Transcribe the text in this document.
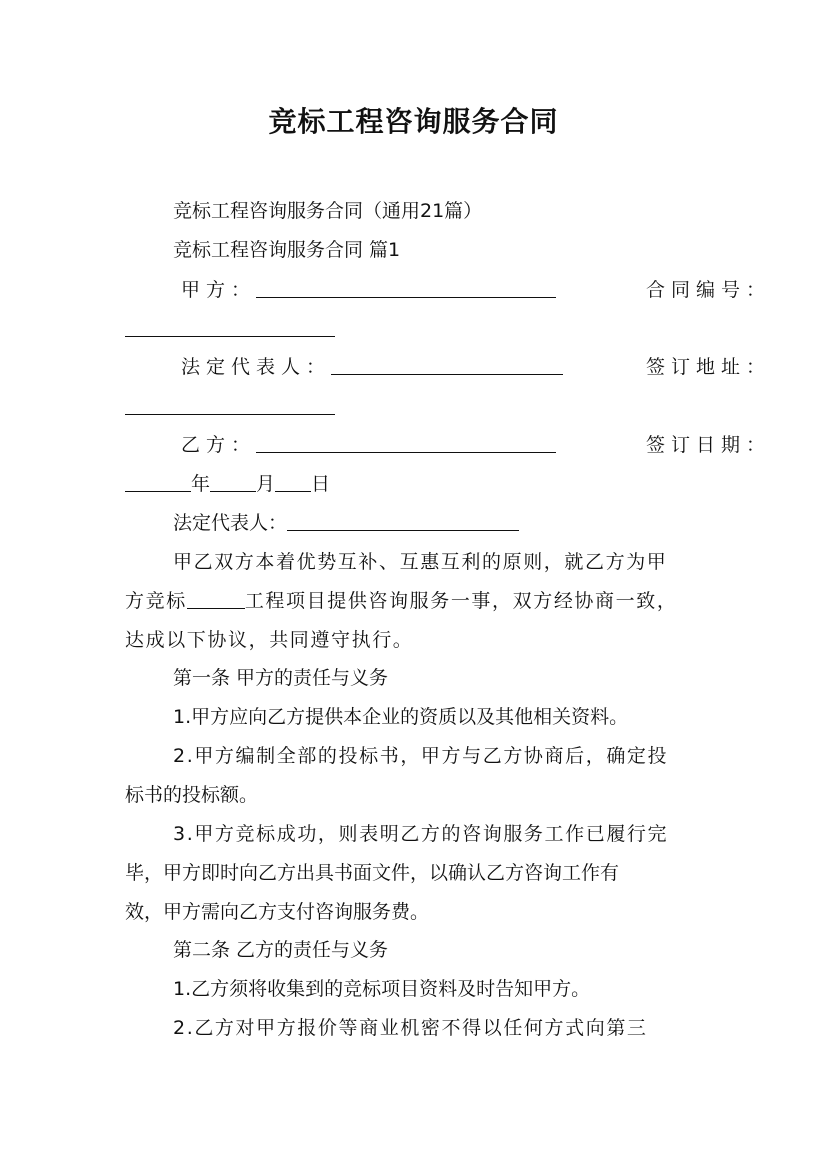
竞标工程咨询服务合同
竞标工程咨询服务合同（通用21篇）
竞标工程咨询服务合同 篇1
甲方：	合同编号：
法定代表人：	签订地址：
乙方：	签订日期：
年 月 日
法定代表人：
甲乙双方本着优势互补、互惠互利的原则，就乙方为甲
方竞标	工程项目提供咨询服务一事，双方经协商一致，
达成以下协议，共同遵守执行。
第一条 甲方的责任与义务
1.甲方应向乙方提供本企业的资质以及其他相关资料。
2.甲方编制全部的投标书，甲方与乙方协商后，确定投
标书的投标额。
3.甲方竞标成功，则表明乙方的咨询服务工作已履行完
毕，甲方即时向乙方出具书面文件，以确认乙方咨询工作有
效，甲方需向乙方支付咨询服务费。
第二条 乙方的责任与义务
1.乙方须将收集到的竞标项目资料及时告知甲方。
2.乙方对甲方报价等商业机密不得以任何方式向第三
